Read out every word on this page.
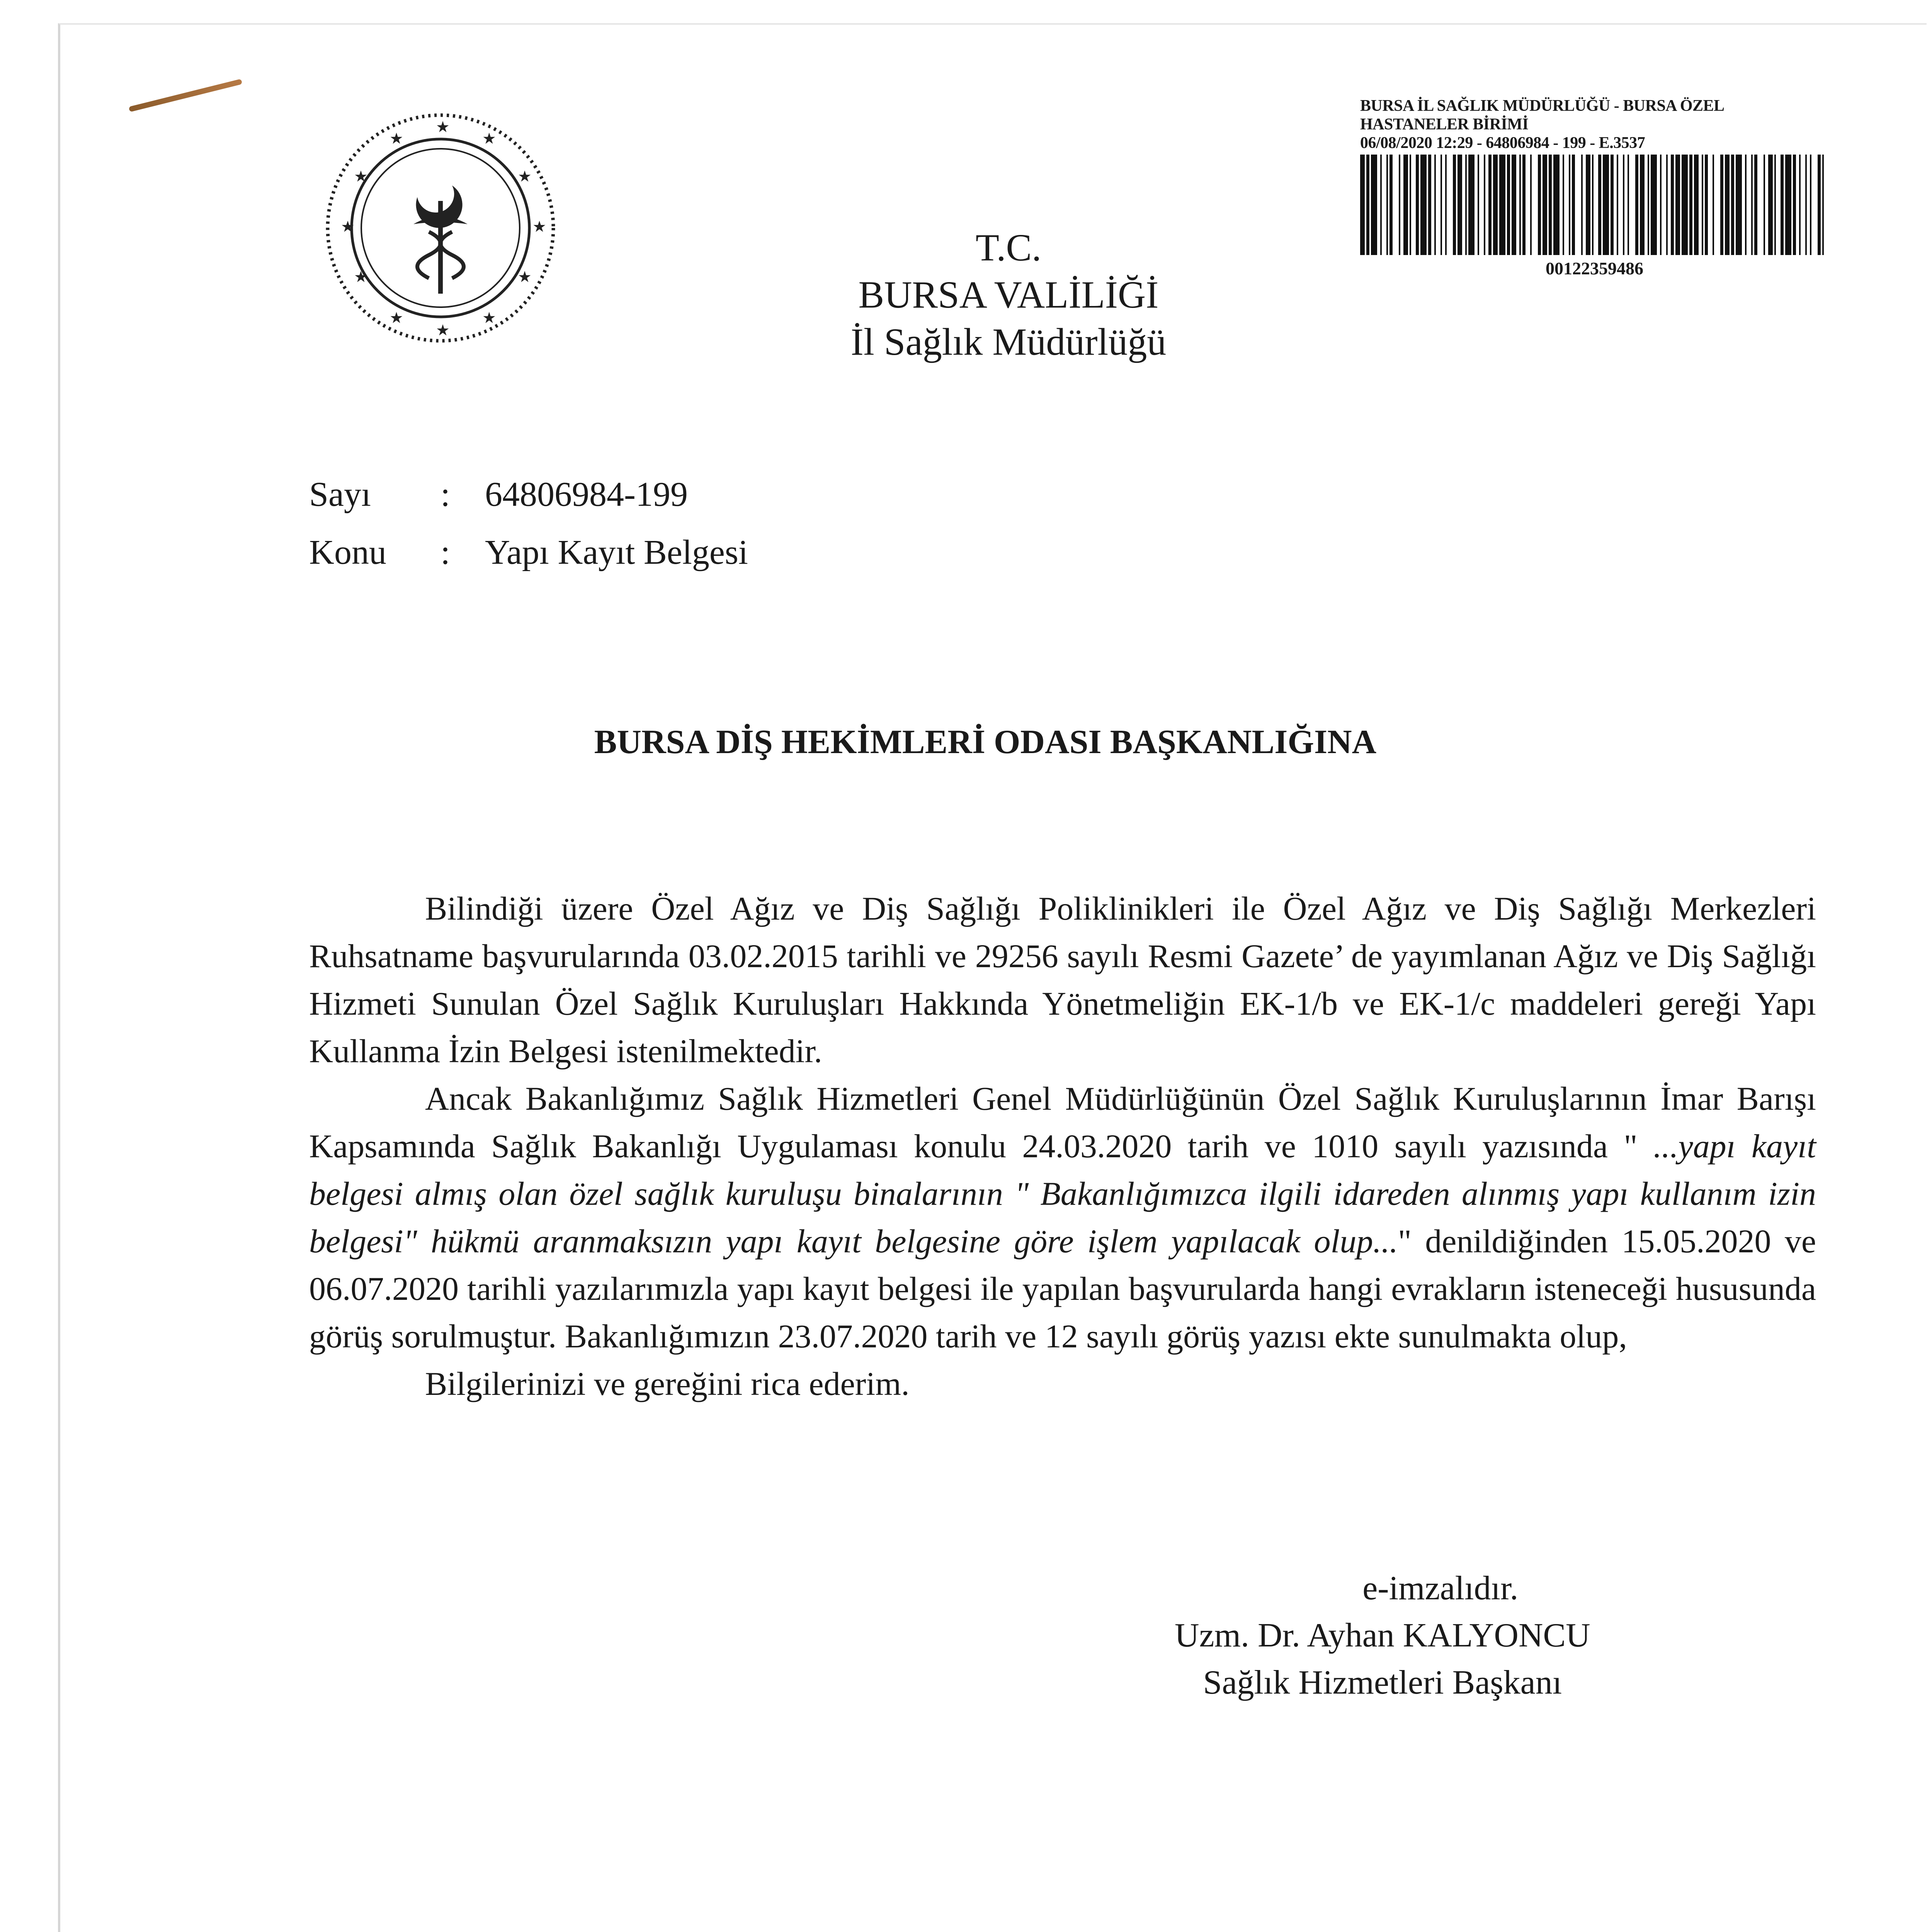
★
★	★
★	★
★	★
★	★
★	★
★
T.C.
BURSA VALİLİĞİ
İl Sağlık Müdürlüğü
BURSA İL SAĞLIK MÜDÜRLÜĞÜ - BURSA ÖZEL
HASTANELER BİRİMİ
06/08/2020 12:29 - 64806984 - 199 - E.3537
00122359486
Sayı	: 64806984-199
Konu	: Yapı Kayıt Belgesi
BURSA DİŞ HEKİMLERİ ODASI BAŞKANLIĞINA

Bilindiği üzere Özel Ağız ve Diş Sağlığı Poliklinikleri ile Özel Ağız ve Diş Sağlığı Merkezleri Ruhsatname başvurularında 03.02.2015 tarihli ve 29256 sayılı Resmi Gazete’ de yayımlanan Ağız ve Diş Sağlığı Hizmeti Sunulan Özel Sağlık Kuruluşları Hakkında Yönetmeliğin EK-1/b ve EK-1/c maddeleri gereği Yapı Kullanma İzin Belgesi istenilmektedir.

Ancak Bakanlığımız Sağlık Hizmetleri Genel Müdürlüğünün Özel Sağlık Kuruluşlarının İmar Barışı Kapsamında Sağlık Bakanlığı Uygulaması konulu 24.03.2020 tarih ve 1010 sayılı yazısında " ...yapı kayıt belgesi almış olan özel sağlık kuruluşu binalarının " Bakanlığımızca ilgili idareden alınmış yapı kullanım izin belgesi" hükmü aranmaksızın yapı kayıt belgesine göre işlem yapılacak olup..." denildiğinden 15.05.2020 ve 06.07.2020 tarihli yazılarımızla yapı kayıt belgesi ile yapılan başvurularda hangi evrakların isteneceği hususunda görüş sorulmuştur. Bakanlığımızın 23.07.2020 tarih ve 12 sayılı görüş yazısı ekte sunulmakta olup,

Bilgilerinizi ve gereğini rica ederim.

e-imzalıdır.
Uzm. Dr. Ayhan KALYONCU
Sağlık Hizmetleri Başkanı
